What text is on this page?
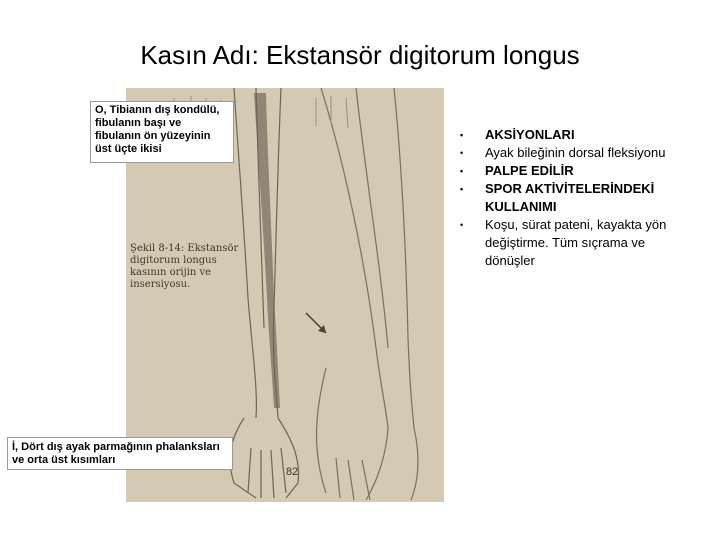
Kasın Adı: Ekstansör digitorum longus
Şekil 8-14: Ekstansör digitorum longus kasının orijin ve insersiyosu.
82
O, Tibianın dış kondülü, fibulanın başı ve fibulanın ön yüzeyinin üst üçte ikisi
İ, Dört dış ayak parmağının phalanksları ve orta üst kısımları
• AKSİYONLARI
• Ayak bileğinin dorsal fleksiyonu
• PALPE EDİLİR
• SPOR AKTİVİTELERİNDEKİ KULLANIMI
• Koşu, sürat pateni, kayakta yön değiştirme. Tüm sıçrama ve dönüşler
